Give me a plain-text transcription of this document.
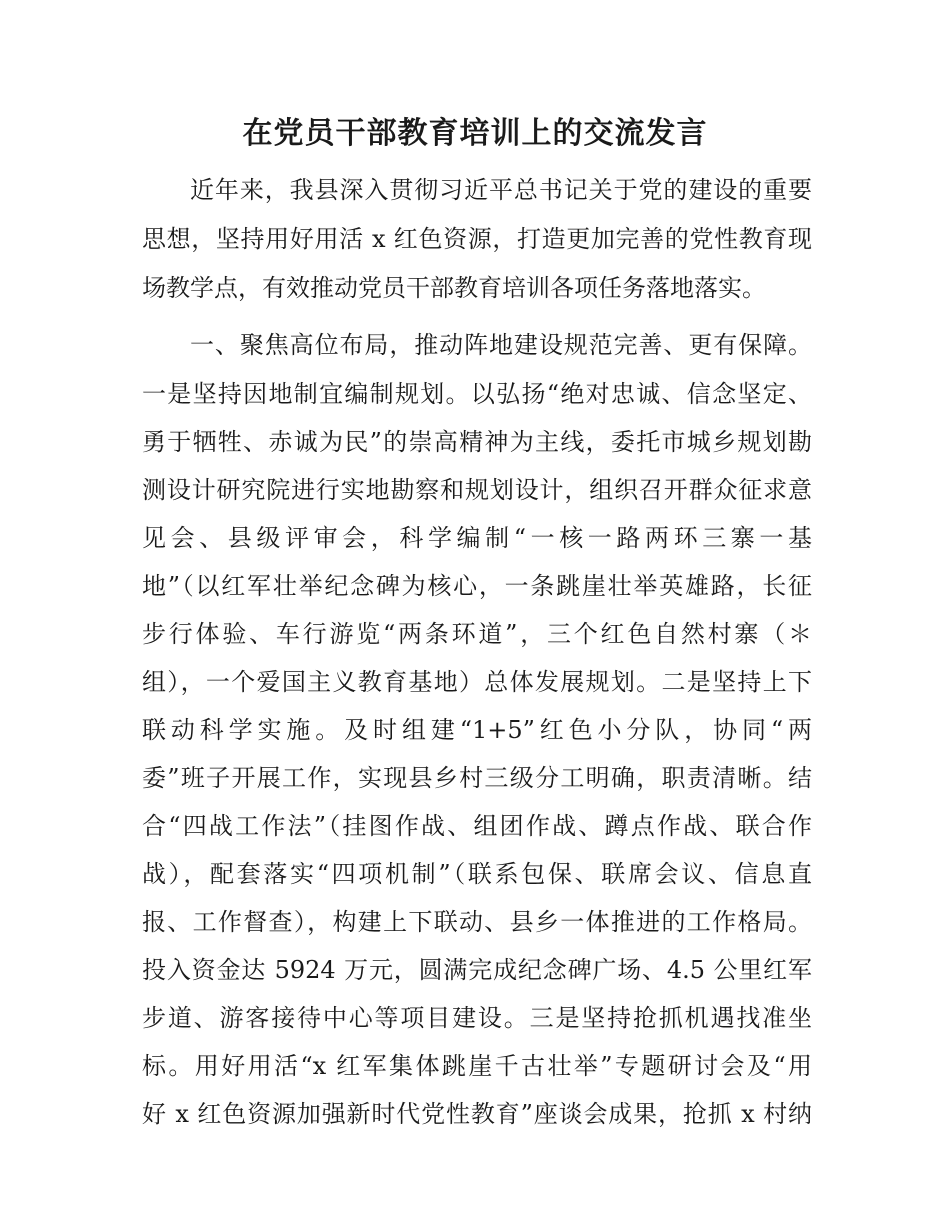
在党员干部教育培训上的交流发言
近年来，我县深入贯彻习近平总书记关于党的建设的重要
思想，坚持用好用活 x 红色资源，打造更加完善的党性教育现
场教学点，有效推动党员干部教育培训各项任务落地落实。
一、聚焦高位布局，推动阵地建设规范完善、更有保障。
一是坚持因地制宜编制规划。以弘扬“绝对忠诚、信念坚定、
勇于牺牲、赤诚为民”的崇高精神为主线，委托市城乡规划勘
测设计研究院进行实地勘察和规划设计，组织召开群众征求意
见会、县级评审会，科学编制“一核一路两环三寨一基
地”（以红军壮举纪念碑为核心，一条跳崖壮举英雄路，长征
步行体验、车行游览“两条环道”，三个红色自然村寨（＊
组），一个爱国主义教育基地）总体发展规划。二是坚持上下
联动科学实施。及时组建“1+5”红色小分队，协同“两
委”班子开展工作，实现县乡村三级分工明确，职责清晰。结
合“四战工作法”（挂图作战、组团作战、蹲点作战、联合作
战），配套落实“四项机制”（联系包保、联席会议、信息直
报、工作督查），构建上下联动、县乡一体推进的工作格局。
投入资金达 5924 万元，圆满完成纪念碑广场、4.5 公里红军
步道、游客接待中心等项目建设。三是坚持抢抓机遇找准坐
标。用好用活“x 红军集体跳崖千古壮举”专题研讨会及“用
好 x 红色资源加强新时代党性教育”座谈会成果，抢抓 x 村纳
